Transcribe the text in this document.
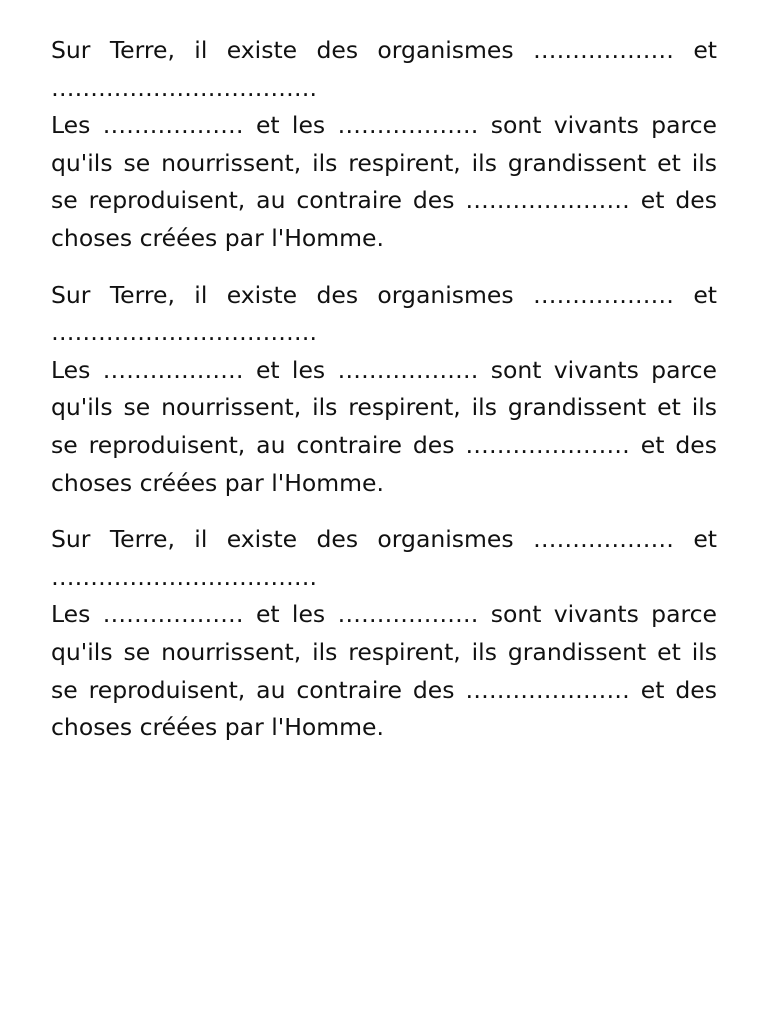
Sur Terre, il existe des organismes ……………… et …………………………….

Les ……………… et les ……………… sont vivants parce qu'ils se nourrissent, ils respirent, ils grandissent et ils se reproduisent, au contraire des ………………… et des choses créées par l'Homme.

Sur Terre, il existe des organismes ……………… et …………………………….

Les ……………… et les ……………… sont vivants parce qu'ils se nourrissent, ils respirent, ils grandissent et ils se reproduisent, au contraire des ………………… et des choses créées par l'Homme.

Sur Terre, il existe des organismes ……………… et …………………………….

Les ……………… et les ……………… sont vivants parce qu'ils se nourrissent, ils respirent, ils grandissent et ils se reproduisent, au contraire des ………………… et des choses créées par l'Homme.
